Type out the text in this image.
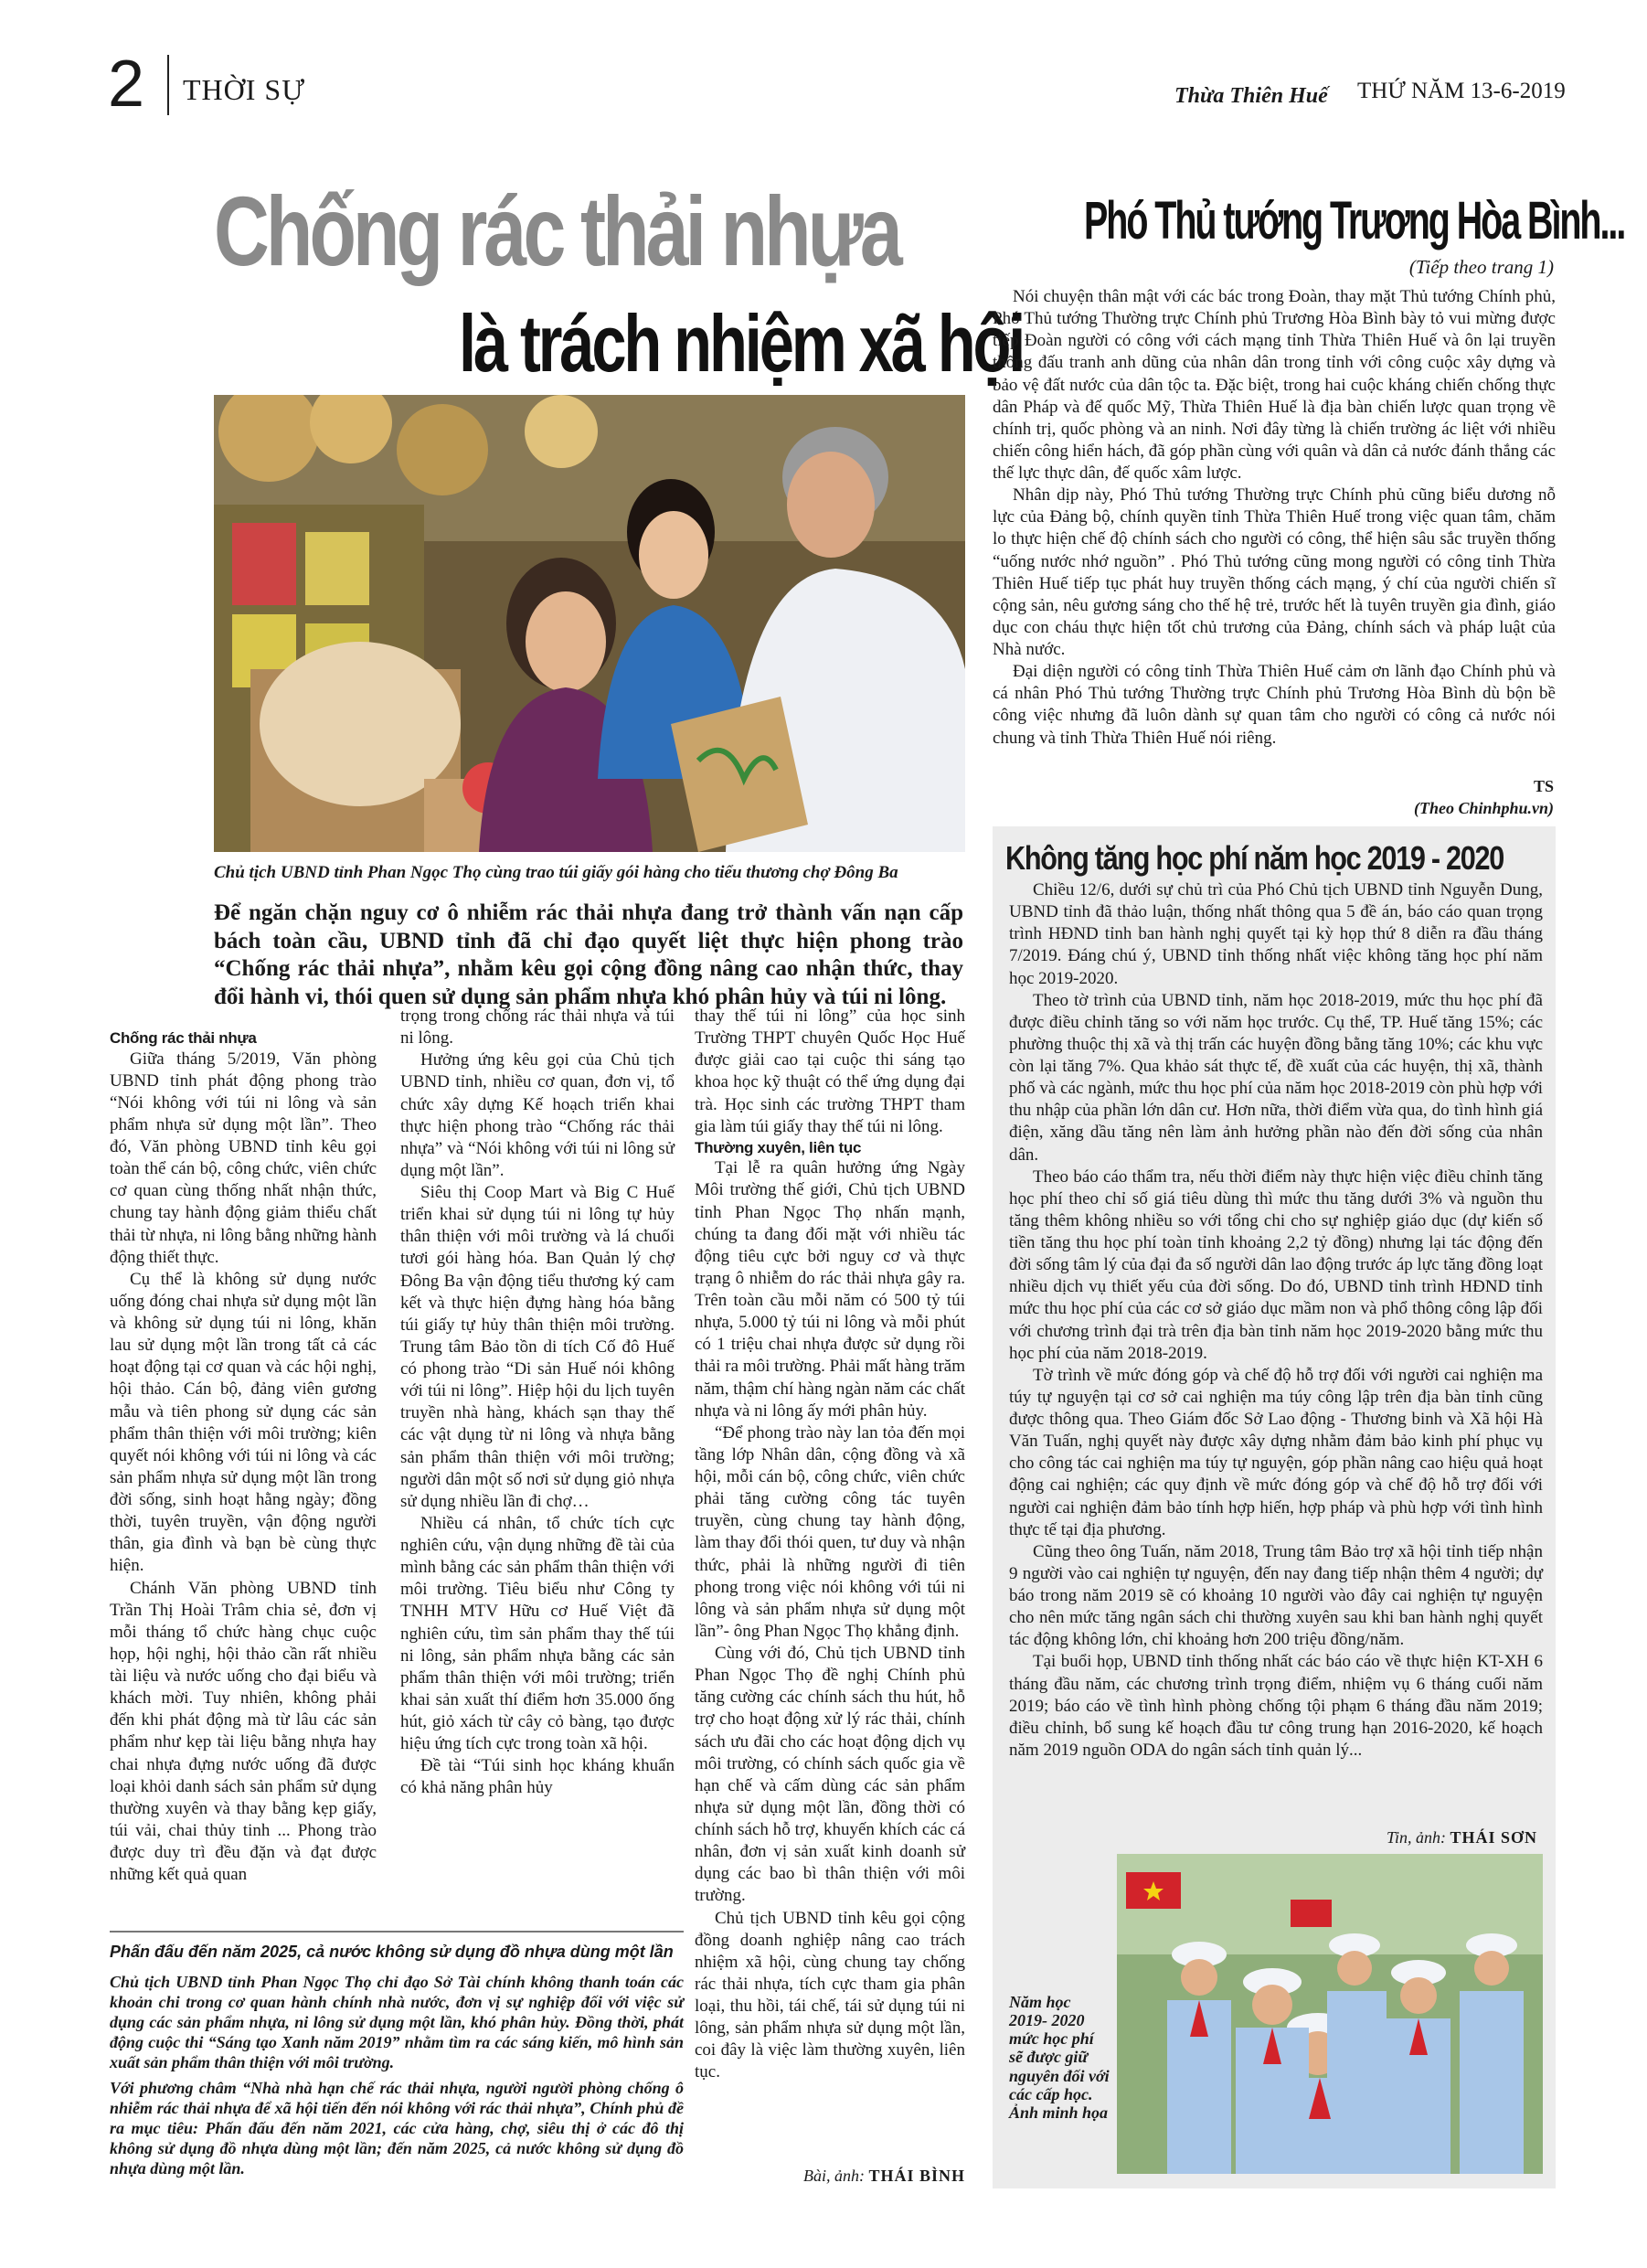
2 THỜI SỰ	Thừa Thiên Huế THỨ NĂM 13-6-2019
Chống rác thải nhựa
là trách nhiệm xã hội
Chủ tịch UBND tỉnh Phan Ngọc Thọ cùng trao túi giấy gói hàng cho tiểu thương chợ Đông Ba
Để ngăn chặn nguy cơ ô nhiễm rác thải nhựa đang trở thành vấn nạn cấp bách toàn cầu, UBND tỉnh đã chỉ đạo quyết liệt thực hiện phong trào “Chống rác thải nhựa”, nhằm kêu gọi cộng đồng nâng cao nhận thức, thay đổi hành vi, thói quen sử dụng sản phẩm nhựa khó phân hủy và túi ni lông.

Chống rác thải nhựa

Giữa tháng 5/2019, Văn phòng UBND tỉnh phát động phong trào “Nói không với túi ni lông và sản phẩm nhựa sử dụng một lần”. Theo đó, Văn phòng UBND tỉnh kêu gọi toàn thể cán bộ, công chức, viên chức cơ quan cùng thống nhất nhận thức, chung tay hành động giảm thiểu chất thải từ nhựa, ni lông bằng những hành động thiết thực.

Cụ thể là không sử dụng nước uống đóng chai nhựa sử dụng một lần và không sử dụng túi ni lông, khăn lau sử dụng một lần trong tất cả các hoạt động tại cơ quan và các hội nghị, hội thảo. Cán bộ, đảng viên gương mẫu và tiên phong sử dụng các sản phẩm thân thiện với môi trường; kiên quyết nói không với túi ni lông và các sản phẩm nhựa sử dụng một lần trong đời sống, sinh hoạt hằng ngày; đồng thời, tuyên truyền, vận động người thân, gia đình và bạn bè cùng thực hiện.

Chánh Văn phòng UBND tỉnh Trần Thị Hoài Trâm chia sẻ, đơn vị mỗi tháng tổ chức hàng chục cuộc họp, hội nghị, hội thảo cần rất nhiều tài liệu và nước uống cho đại biểu và khách mời. Tuy nhiên, không phải đến khi phát động mà từ lâu các sản phẩm như kẹp tài liệu bằng nhựa hay chai nhựa đựng nước uống đã được loại khỏi danh sách sản phẩm sử dụng thường xuyên và thay bằng kẹp giấy, túi vải, chai thủy tinh ... Phong trào được duy trì đều đặn và đạt được những kết quả quan

trọng trong chống rác thải nhựa và túi ni lông.

Hưởng ứng kêu gọi của Chủ tịch UBND tỉnh, nhiều cơ quan, đơn vị, tổ chức xây dựng Kế hoạch triển khai thực hiện phong trào “Chống rác thải nhựa” và “Nói không với túi ni lông sử dụng một lần”.

Siêu thị Coop Mart và Big C Huế triển khai sử dụng túi ni lông tự hủy thân thiện với môi trường và lá chuối tươi gói hàng hóa. Ban Quản lý chợ Đông Ba vận động tiểu thương ký cam kết và thực hiện đựng hàng hóa bằng túi giấy tự hủy thân thiện môi trường. Trung tâm Bảo tồn di tích Cố đô Huế có phong trào “Di sản Huế nói không với túi ni lông”. Hiệp hội du lịch tuyên truyền nhà hàng, khách sạn thay thế các vật dụng từ ni lông và nhựa bằng sản phẩm thân thiện với môi trường; người dân một số nơi sử dụng giỏ nhựa sử dụng nhiều lần đi chợ…

Nhiều cá nhân, tổ chức tích cực nghiên cứu, vận dụng những đề tài của mình bằng các sản phẩm thân thiện với môi trường. Tiêu biểu như Công ty TNHH MTV Hữu cơ Huế Việt đã nghiên cứu, tìm sản phẩm thay thế túi ni lông, sản phẩm nhựa bằng các sản phẩm thân thiện với môi trường; triển khai sản xuất thí điểm hơn 35.000 ống hút, giỏ xách từ cây cỏ bàng, tạo được hiệu ứng tích cực trong toàn xã hội.

Đề tài “Túi sinh học kháng khuẩn có khả năng phân hủy

thay thế túi ni lông” của học sinh Trường THPT chuyên Quốc Học Huế được giải cao tại cuộc thi sáng tạo khoa học kỹ thuật có thể ứng dụng đại trà. Học sinh các trường THPT tham gia làm túi giấy thay thế túi ni lông.

Thường xuyên, liên tục

Tại lễ ra quân hưởng ứng Ngày Môi trường thế giới, Chủ tịch UBND tỉnh Phan Ngọc Thọ nhấn mạnh, chúng ta đang đối mặt với nhiều tác động tiêu cực bởi nguy cơ và thực trạng ô nhiễm do rác thải nhựa gây ra. Trên toàn cầu mỗi năm có 500 tỷ túi nhựa, 5.000 tỷ túi ni lông và mỗi phút có 1 triệu chai nhựa được sử dụng rồi thải ra môi trường. Phải mất hàng trăm năm, thậm chí hàng ngàn năm các chất nhựa và ni lông ấy mới phân hủy.

“Để phong trào này lan tỏa đến mọi tầng lớp Nhân dân, cộng đồng và xã hội, mỗi cán bộ, công chức, viên chức phải tăng cường công tác tuyên truyền, cùng chung tay hành động, làm thay đổi thói quen, tư duy và nhận thức, phải là những người đi tiên phong trong việc nói không với túi ni lông và sản phẩm nhựa sử dụng một lần”- ông Phan Ngọc Thọ khẳng định.

Cùng với đó, Chủ tịch UBND tỉnh Phan Ngọc Thọ đề nghị Chính phủ tăng cường các chính sách thu hút, hỗ trợ cho hoạt động xử lý rác thải, chính sách ưu đãi cho các hoạt động dịch vụ môi trường, có chính sách quốc gia về hạn chế và cấm dùng các sản phẩm nhựa sử dụng một lần, đồng thời có chính sách hỗ trợ, khuyến khích các cá nhân, đơn vị sản xuất kinh doanh sử dụng các bao bì thân thiện với môi trường.

Chủ tịch UBND tỉnh kêu gọi cộng đồng doanh nghiệp nâng cao trách nhiệm xã hội, cùng chung tay chống rác thải nhựa, tích cực tham gia phân loại, thu hồi, tái chế, tái sử dụng túi ni lông, sản phẩm nhựa sử dụng một lần, coi đây là việc làm thường xuyên, liên tục.

Phấn đấu đến năm 2025, cả nước không sử dụng đồ nhựa dùng một lần

Chủ tịch UBND tỉnh Phan Ngọc Thọ chỉ đạo Sở Tài chính không thanh toán các khoản chi trong cơ quan hành chính nhà nước, đơn vị sự nghiệp đối với việc sử dụng các sản phẩm nhựa, ni lông sử dụng một lần, khó phân hủy. Đồng thời, phát động cuộc thi “Sáng tạo Xanh năm 2019” nhằm tìm ra các sáng kiến, mô hình sản xuất sản phẩm thân thiện với môi trường.

Với phương châm “Nhà nhà hạn chế rác thải nhựa, người người phòng chống ô nhiễm rác thải nhựa để xã hội tiến đến nói không với rác thải nhựa”, Chính phủ đề ra mục tiêu: Phấn đấu đến năm 2021, các cửa hàng, chợ, siêu thị ở các đô thị không sử dụng đồ nhựa dùng một lần; đến năm 2025, cả nước không sử dụng đồ nhựa dùng một lần.	Bài, ảnh: THÁI BÌNH
Phó Thủ tướng Trương Hòa Bình...
(Tiếp theo trang 1)

Nói chuyện thân mật với các bác trong Đoàn, thay mặt Thủ tướng Chính phủ, Phó Thủ tướng Thường trực Chính phủ Trương Hòa Bình bày tỏ vui mừng được tiếp Đoàn người có công với cách mạng tỉnh Thừa Thiên Huế và ôn lại truyền thống đấu tranh anh dũng của nhân dân trong tỉnh với công cuộc xây dựng và bảo vệ đất nước của dân tộc ta. Đặc biệt, trong hai cuộc kháng chiến chống thực dân Pháp và đế quốc Mỹ, Thừa Thiên Huế là địa bàn chiến lược quan trọng về chính trị, quốc phòng và an ninh. Nơi đây từng là chiến trường ác liệt với nhiều chiến công hiển hách, đã góp phần cùng với quân và dân cả nước đánh thắng các thế lực thực dân, đế quốc xâm lược.

Nhân dịp này, Phó Thủ tướng Thường trực Chính phủ cũng biểu dương nỗ lực của Đảng bộ, chính quyền tỉnh Thừa Thiên Huế trong việc quan tâm, chăm lo thực hiện chế độ chính sách cho người có công, thể hiện sâu sắc truyền thống “uống nước nhớ nguồn” . Phó Thủ tướng cũng mong người có công tỉnh Thừa Thiên Huế tiếp tục phát huy truyền thống cách mạng, ý chí của người chiến sĩ cộng sản, nêu gương sáng cho thế hệ trẻ, trước hết là tuyên truyền gia đình, giáo dục con cháu thực hiện tốt chủ trương của Đảng, chính sách và pháp luật của Nhà nước.

Đại diện người có công tỉnh Thừa Thiên Huế cảm ơn lãnh đạo Chính phủ và cá nhân Phó Thủ tướng Thường trực Chính phủ Trương Hòa Bình dù bộn bề công việc nhưng đã luôn dành sự quan tâm cho người có công cả nước nói chung và tỉnh Thừa Thiên Huế nói riêng.

TS
(Theo Chinhphu.vn)
Không tăng học phí năm học 2019 - 2020

Chiều 12/6, dưới sự chủ trì của Phó Chủ tịch UBND tỉnh Nguyễn Dung, UBND tỉnh đã thảo luận, thống nhất thông qua 5 đề án, báo cáo quan trọng trình HĐND tỉnh ban hành nghị quyết tại kỳ họp thứ 8 diễn ra đầu tháng 7/2019. Đáng chú ý, UBND tỉnh thống nhất việc không tăng học phí năm học 2019-2020.

Theo tờ trình của UBND tỉnh, năm học 2018-2019, mức thu học phí đã được điều chỉnh tăng so với năm học trước. Cụ thể, TP. Huế tăng 15%; các phường thuộc thị xã và thị trấn các huyện đồng bằng tăng 10%; các khu vực còn lại tăng 7%. Qua khảo sát thực tế, đề xuất của các huyện, thị xã, thành phố và các ngành, mức thu học phí của năm học 2018-2019 còn phù hợp với thu nhập của phần lớn dân cư. Hơn nữa, thời điểm vừa qua, do tình hình giá điện, xăng dầu tăng nên làm ảnh hưởng phần nào đến đời sống của nhân dân.

Theo báo cáo thẩm tra, nếu thời điểm này thực hiện việc điều chỉnh tăng học phí theo chỉ số giá tiêu dùng thì mức thu tăng dưới 3% và nguồn thu tăng thêm không nhiều so với tổng chi cho sự nghiệp giáo dục (dự kiến số tiền tăng thu học phí toàn tỉnh khoảng 2,2 tỷ đồng) nhưng lại tác động đến đời sống tâm lý của đại đa số người dân lao động trước áp lực tăng đồng loạt nhiều dịch vụ thiết yếu của đời sống. Do đó, UBND tỉnh trình HĐND tỉnh mức thu học phí của các cơ sở giáo dục mầm non và phổ thông công lập đối với chương trình đại trà trên địa bàn tỉnh năm học 2019-2020 bằng mức thu học phí của năm 2018-2019.

Tờ trình về mức đóng góp và chế độ hỗ trợ đối với người cai nghiện ma túy tự nguyện tại cơ sở cai nghiện ma túy công lập trên địa bàn tỉnh cũng được thông qua. Theo Giám đốc Sở Lao động - Thương binh và Xã hội Hà Văn Tuấn, nghị quyết này được xây dựng nhằm đảm bảo kinh phí phục vụ cho công tác cai nghiện ma túy tự nguyện, góp phần nâng cao hiệu quả hoạt động cai nghiện; các quy định về mức đóng góp và chế độ hỗ trợ đối với người cai nghiện đảm bảo tính hợp hiến, hợp pháp và phù hợp với tình hình thực tế tại địa phương.

Cũng theo ông Tuấn, năm 2018, Trung tâm Bảo trợ xã hội tỉnh tiếp nhận 9 người vào cai nghiện tự nguyện, đến nay đang tiếp nhận thêm 4 người; dự báo trong năm 2019 sẽ có khoảng 10 người vào đây cai nghiện tự nguyện cho nên mức tăng ngân sách chi thường xuyên sau khi ban hành nghị quyết tác động không lớn, chỉ khoảng hơn 200 triệu đồng/năm.

Tại buổi họp, UBND tỉnh thống nhất các báo cáo về thực hiện KT-XH 6 tháng đầu năm, các chương trình trọng điểm, nhiệm vụ 6 tháng cuối năm 2019; báo cáo về tình hình phòng chống tội phạm 6 tháng đầu năm 2019; điều chỉnh, bổ sung kế hoạch đầu tư công trung hạn 2016-2020, kế hoạch năm 2019 nguồn ODA do ngân sách tỉnh quản lý...

Tin, ảnh: THÁI SƠN
Năm học 2019- 2020 mức học phí sẽ được giữ nguyên đối với các cấp học. Ảnh minh họa
